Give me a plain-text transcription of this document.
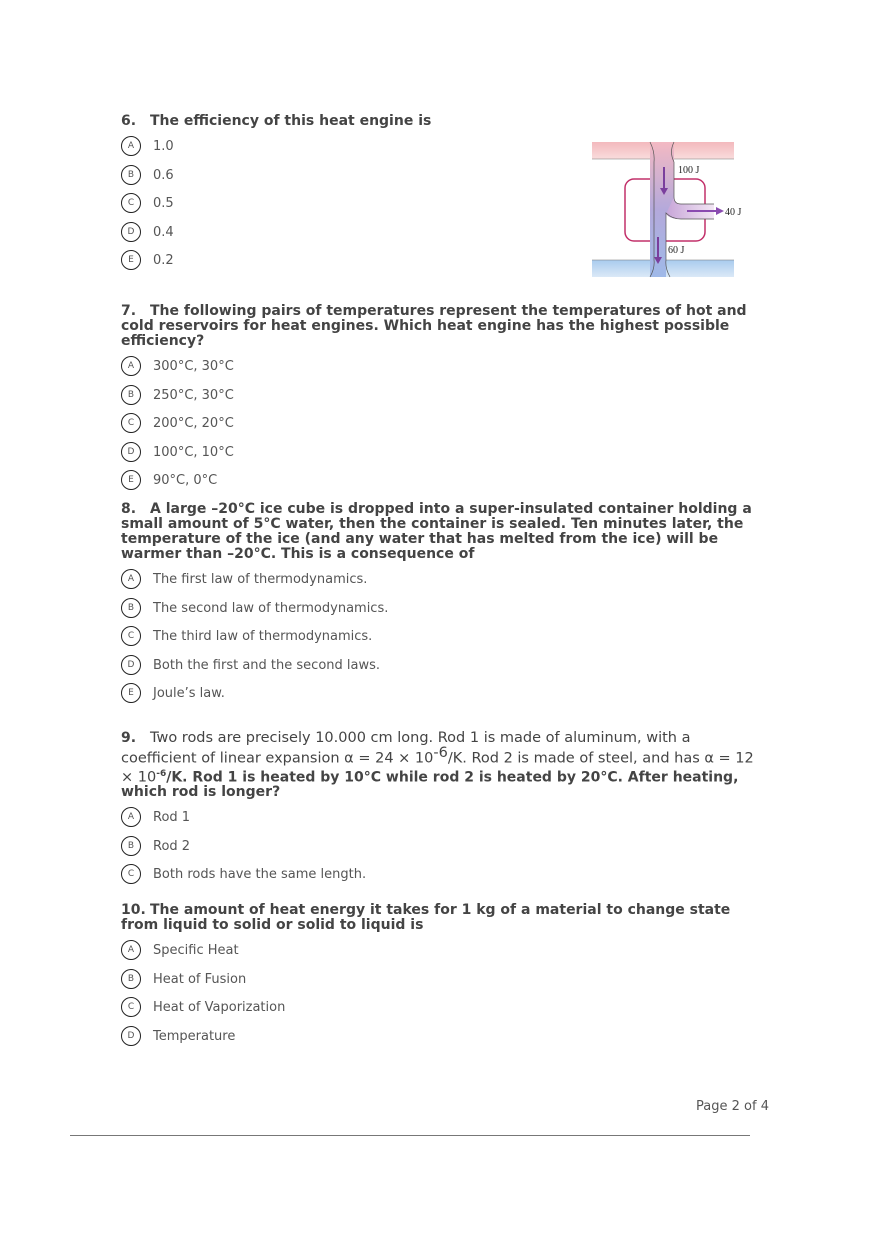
6. The efficiency of this heat engine is
A	1.0
B	0.6
C	0.5
D	0.4
E	0.2
7. The following pairs of temperatures represent the temperatures of hot and cold reservoirs for heat engines. Which heat engine has the highest possible efficiency?
A	300°C, 30°C
B	250°C, 30°C
C	200°C, 20°C
D	100°C, 10°C
E	90°C, 0°C
8. A large –20°C ice cube is dropped into a super-insulated container holding a small amount of 5°C water, then the container is sealed. Ten minutes later, the temperature of the ice (and any water that has melted from the ice) will be warmer than –20°C. This is a consequence of
A	The first law of thermodynamics.
B	The second law of thermodynamics.
C	The third law of thermodynamics.
D	Both the first and the second laws.
E	Joule’s law.
9. Two rods are precisely 10.000 cm long. Rod 1 is made of aluminum, with a coefficient of linear expansion $\alpha = 24 \times 10^{-6}/K$. Rod 2 is made of steel, and has $\alpha = 12 \times 10^{-6}/K$. Rod 1 is heated by 10°C while rod 2 is heated by 20°C. After heating, which rod is longer?
A	Rod 1
B	Rod 2
C	Both rods have the same length.
10. The amount of heat energy it takes for 1 kg of a material to change state from liquid to solid or solid to liquid is
A	Specific Heat
B	Heat of Fusion
C	Heat of Vaporization
D	Temperature
100 J
40 J
60 J
Page 2 of 4
